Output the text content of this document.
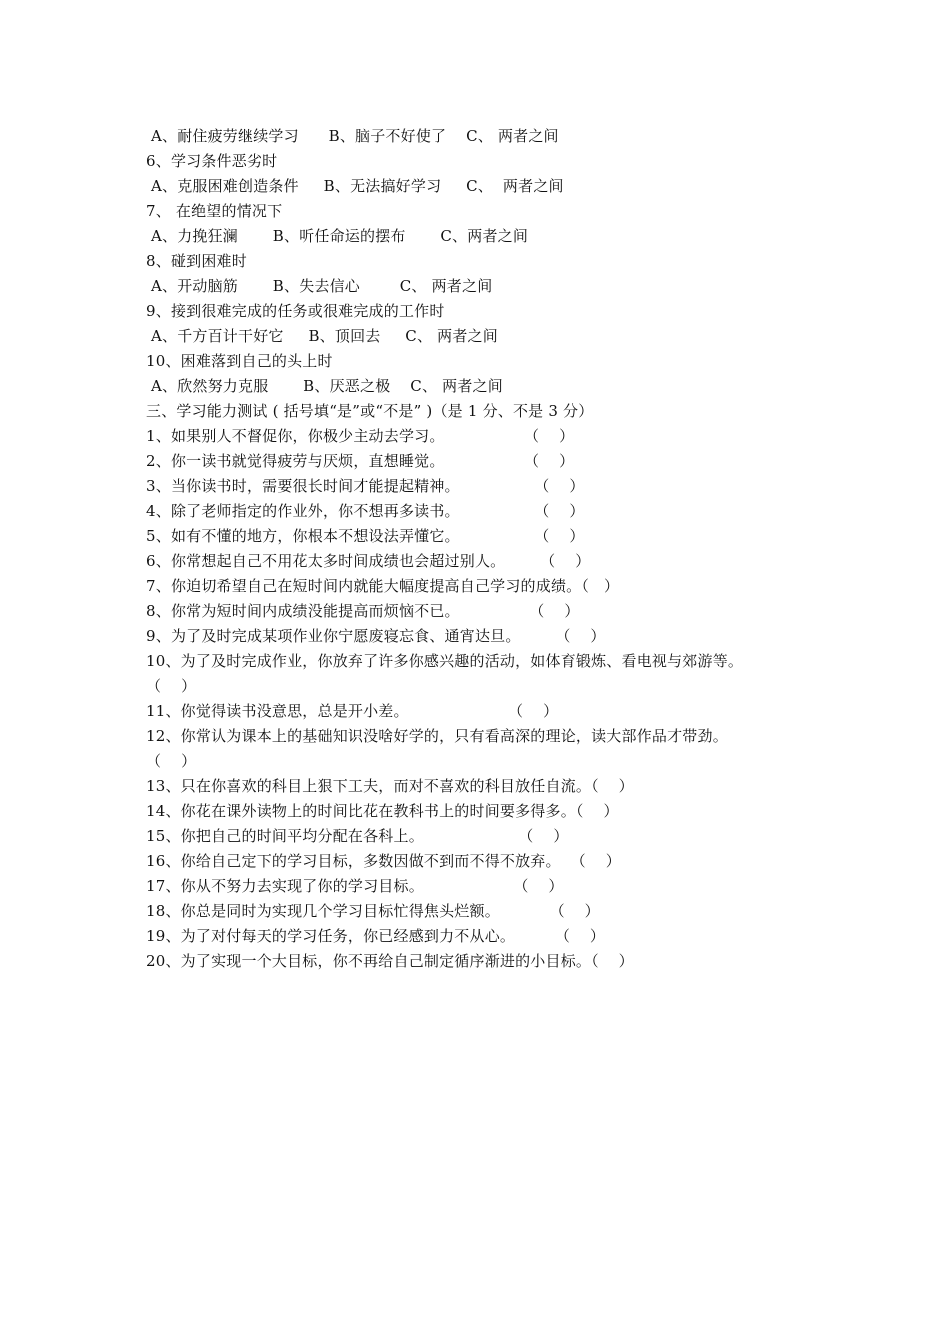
A、耐住疲劳继续学习      B、脑子不好使了    C、 两者之间
6、学习条件恶劣时
A、克服困难创造条件     B、无法搞好学习     C、  两者之间
7、 在绝望的情况下
A、力挽狂澜       B、听任命运的摆布       C、两者之间
8、碰到困难时
A、开动脑筋       B、失去信心        C、 两者之间
9、接到很难完成的任务或很难完成的工作时
A、千方百计干好它     B、顶回去     C、 两者之间
10、困难落到自己的头上时
A、欣然努力克服       B、厌恶之极    C、 两者之间
三、学习能力测试 ( 括号填“是”或“不是” )（是 1 分、不是 3 分）
1、如果别人不督促你，你极少主动去学习。                （    ）
2、你一读书就觉得疲劳与厌烦，直想睡觉。                （    ）
3、当你读书时，需要很长时间才能提起精神。               （    ）
4、除了老师指定的作业外，你不想再多读书。               （    ）
5、如有不懂的地方，你根本不想设法弄懂它。               （    ）
6、你常想起自己不用花太多时间成绩也会超过别人。       （    ）
7、你迫切希望自己在短时间内就能大幅度提高自己学习的成绩。（   ）
8、你常为短时间内成绩没能提高而烦恼不已。              （    ）
9、为了及时完成某项作业你宁愿废寝忘食、通宵达旦。       （    ）
10、为了及时完成作业，你放弃了许多你感兴趣的活动，如体育锻炼、看电视与郊游等。
（    ）
11、你觉得读书没意思，总是开小差。                    （    ）
12、你常认为课本上的基础知识没啥好学的，只有看高深的理论，读大部作品才带劲。
（    ）
13、只在你喜欢的科目上狠下工夫，而对不喜欢的科目放任自流。（    ）
14、你花在课外读物上的时间比花在教科书上的时间要多得多。（    ）
15、你把自己的时间平均分配在各科上。                   （    ）
16、你给自己定下的学习目标，多数因做不到而不得不放弃。  （    ）
17、你从不努力去实现了你的学习目标。                  （    ）
18、你总是同时为实现几个学习目标忙得焦头烂额。          （    ）
19、为了对付每天的学习任务，你已经感到力不从心。        （    ）
20、为了实现一个大目标，你不再给自己制定循序渐进的小目标。（    ）
